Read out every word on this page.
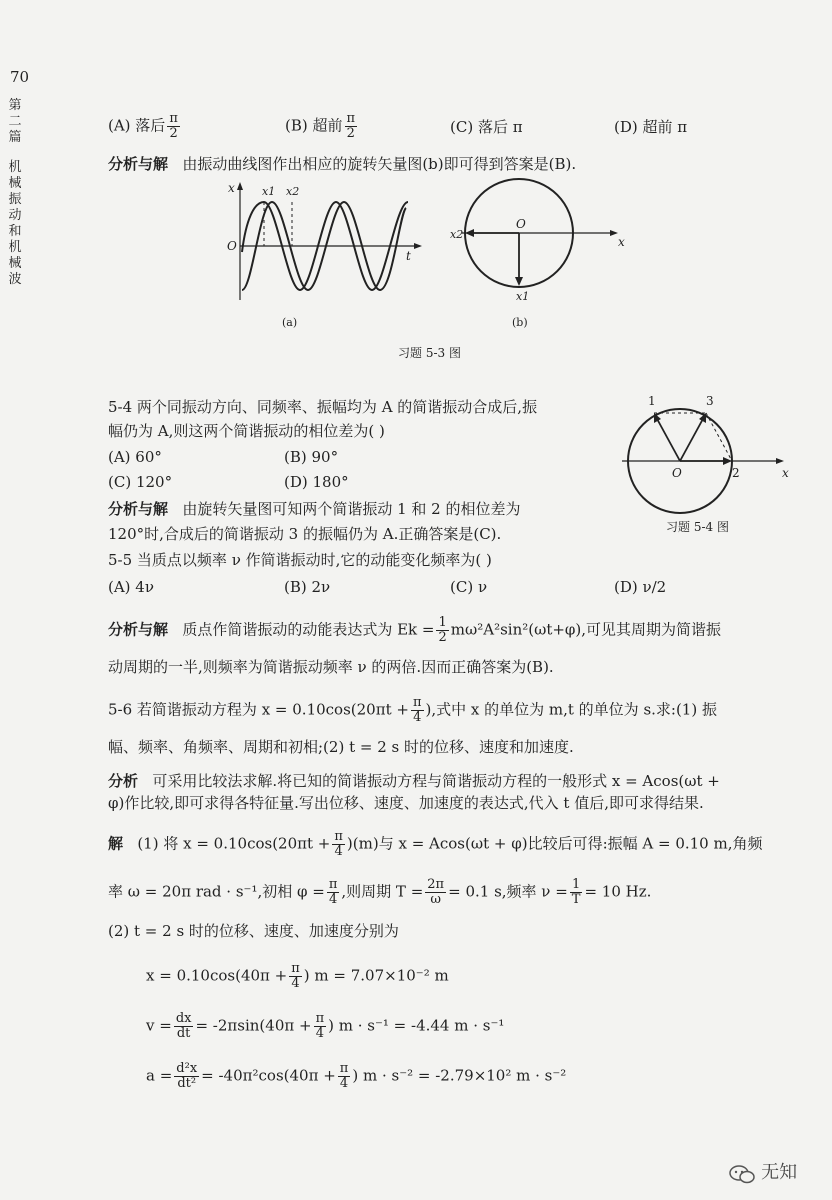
70
第二篇
机械振动和机械波
(A) 落后 $\frac{\pi}{2}$	(B) 超前 $\frac{\pi}{2}$	(C) 落后 π	(D) 超前 π
分析与解 由振动曲线图作出相应的旋转矢量图(b)即可得到答案是(B).
x x1 x2
O
t
(a)
x2
O
x
x1
(b)
习题 5-3 图
5-4 两个同振动方向、同频率、振幅均为 A 的简谐振动合成后,振
幅仍为 A,则这两个简谐振动的相位差为( )
(A) 60°	(B) 90°
(C) 120°	(D) 180°
分析与解 由旋转矢量图可知两个简谐振动 1 和 2 的相位差为
120°时,合成后的简谐振动 3 的振幅仍为 A.正确答案是(C).
1	3
O	2	x
习题 5-4 图
5-5 当质点以频率 ν 作简谐振动时,它的动能变化频率为( )
(A) 4ν	(B) 2ν	(C) ν	(D) ν/2
分析与解 质点作简谐振动的动能表达式为 $Ek = \frac{1}{2} m\omega^2A^2\sin^2(\omega t+\varphi)$,可见其周期为简谐振
动周期的一半,则频率为简谐振动频率 ν 的两倍.因而正确答案为(B).
5-6 若简谐振动方程为 $x = 0.10\cos(20\pi t + \frac{\pi}{4}$ ),式中 x 的单位为 m,t 的单位为 s.求:(1) 振
幅、频率、角频率、周期和初相;(2) t = 2 s 时的位移、速度和加速度.
分析 可采用比较法求解.将已知的简谐振动方程与简谐振动方程的一般形式 x = Acos(ωt +
φ)作比较,即可求得各特征量.写出位移、速度、加速度的表达式,代入 t 值后,即可求得结果.
解 (1) 将 $x = 0.10\cos(20\pi t + \frac{\pi}{4} )(m)$与 x = Acos(ωt + φ)比较后可得:振幅 A = 0.10 m,角频
率 ω = 20π rad · s⁻¹,初相 $\varphi = \frac{\pi}{4}$ ,则周期 $T = \frac{2\pi}{\omega} = 0.1$ s,频率 $\nu = \frac{1}{T} = 10$ Hz.
(2) t = 2 s 时的位移、速度、加速度分别为
$x = 0.10\cos(40\pi + \frac{\pi}{4}$ ) m = 7.07×10⁻² m
$v = \frac{dx}{dt} = -2\pi\sin(40\pi + \frac{\pi}{4}$ ) m · s⁻¹ = -4.44 m · s⁻¹
$a = \frac{\text{d²x}}{\text{dt²}} = -40\pi^2\cos(40\pi + \frac{\pi}{4}$ ) m · s⁻² = -2.79×10² m · s⁻²
无知
